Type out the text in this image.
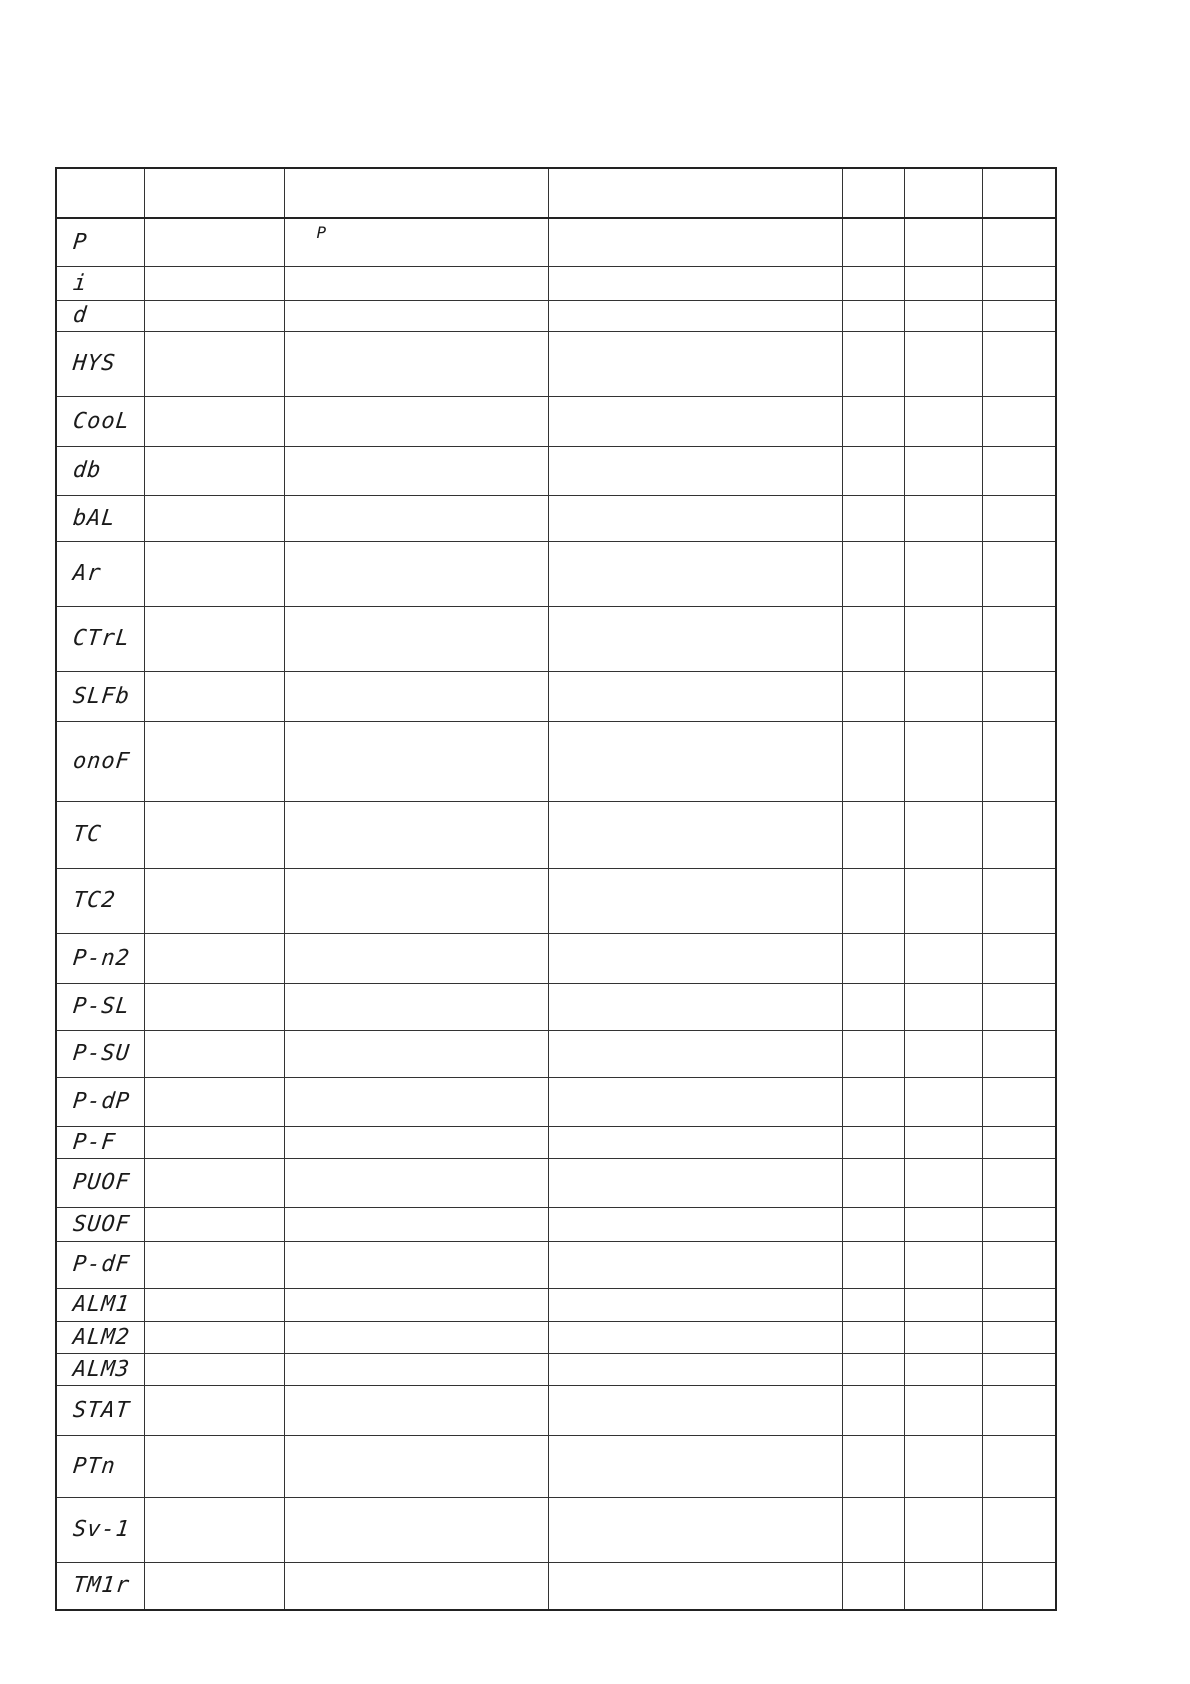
P		P				
i						
d						
HYS						
CooL						
db						
bAL						
Ar						
CTrL						
SLFb						
onoF						
TC						
TC2						
P-n2						
P-SL						
P-SU						
P-dP						
P-F						
PUOF						
SUOF						
P-dF						
ALM1						
ALM2						
ALM3						
STAT						
PTn						
Sv-1						
TM1r						
